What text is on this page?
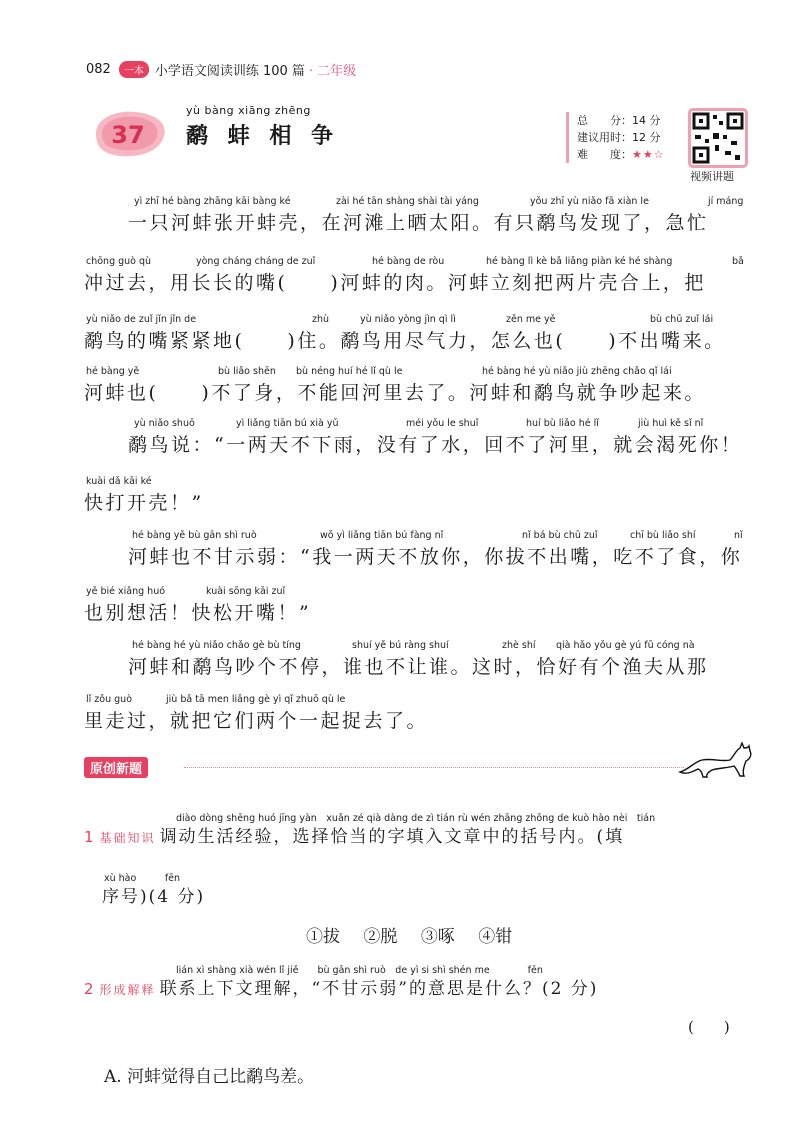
082	一本 小学语文阅读训练 100 篇 · 二年级
37
yù bàng xiāng zhēng
鹬 蚌 相 争
总　　分：14 分
建议用时：12 分
难　　度：★★☆
视频讲题
yì zhī hé bàng zhāng kāi bàng ké	zài hé tān shàng shài tài yáng	yǒu zhī yù niǎo fā xiàn le	jí máng
一只河蚌张开蚌壳，在河滩上晒太阳。有只鹬鸟发现了，急忙
chōng guò qù	yòng cháng cháng de zuǐ	hé bàng de ròu	hé bàng lì kè bǎ liǎng piàn ké hé shàng	bǎ
冲过去，用长长的嘴(　　)河蚌的肉。河蚌立刻把两片壳合上，把
yù niǎo de zuǐ jǐn jǐn de	zhù	yù niǎo yòng jìn qì lì	zěn me yě	bù chū zuǐ lái
鹬鸟的嘴紧紧地(　　)住。鹬鸟用尽气力，怎么也(　　)不出嘴来。
hé bàng yě	bù liǎo shēn bù néng huí hé lǐ qù le	hé bàng hé yù niǎo jiù zhēng chǎo qǐ lái
河蚌也(　　)不了身，不能回河里去了。河蚌和鹬鸟就争吵起来。
yù niǎo shuō	yì liǎng tiān bú xià yǔ	méi yǒu le shuǐ	huí bù liǎo hé lǐ	jiù huì kě sǐ nǐ
鹬鸟说：“一两天不下雨，没有了水，回不了河里，就会渴死你！
kuài dǎ kāi ké
快打开壳！”
hé bàng yě bù gān shì ruò	wǒ yì liǎng tiān bú fàng nǐ	nǐ bá bù chū zuǐ	chī bù liǎo shí	nǐ
河蚌也不甘示弱：“我一两天不放你，你拔不出嘴，吃不了食，你
yě bié xiǎng huó	kuài sōng kāi zuǐ
也别想活！快松开嘴！”
hé bàng hé yù niǎo chǎo gè bù tíng	shuí yě bú ràng shuí	zhè shí qià hǎo yǒu gè yú fū cóng nà
河蚌和鹬鸟吵个不停，谁也不让谁。这时，恰好有个渔夫从那
lǐ zǒu guò	jiù bǎ tā men liǎng gè yì qǐ zhuō qù le
里走过，就把它们两个一起捉去了。
原创新题
diào dòng shēng huó jīng yàn　xuǎn zé qià dàng de zì tián rù wén zhāng zhōng de kuò hào nèi　tián
1 基础知识 调动生活经验，选择恰当的字填入文章中的括号内。(填
xù hào　　　fēn
序号)(4 分)
①拔 ②脱 ③啄 ④钳
lián xì shàng xià wén lǐ jiě　　bù gān shì ruò　de yì si shì shén me　　　　fēn
2 形成解释 联系上下文理解，“不甘示弱”的意思是什么？(2 分)
(　　)
A. 河蚌觉得自己比鹬鸟差。
